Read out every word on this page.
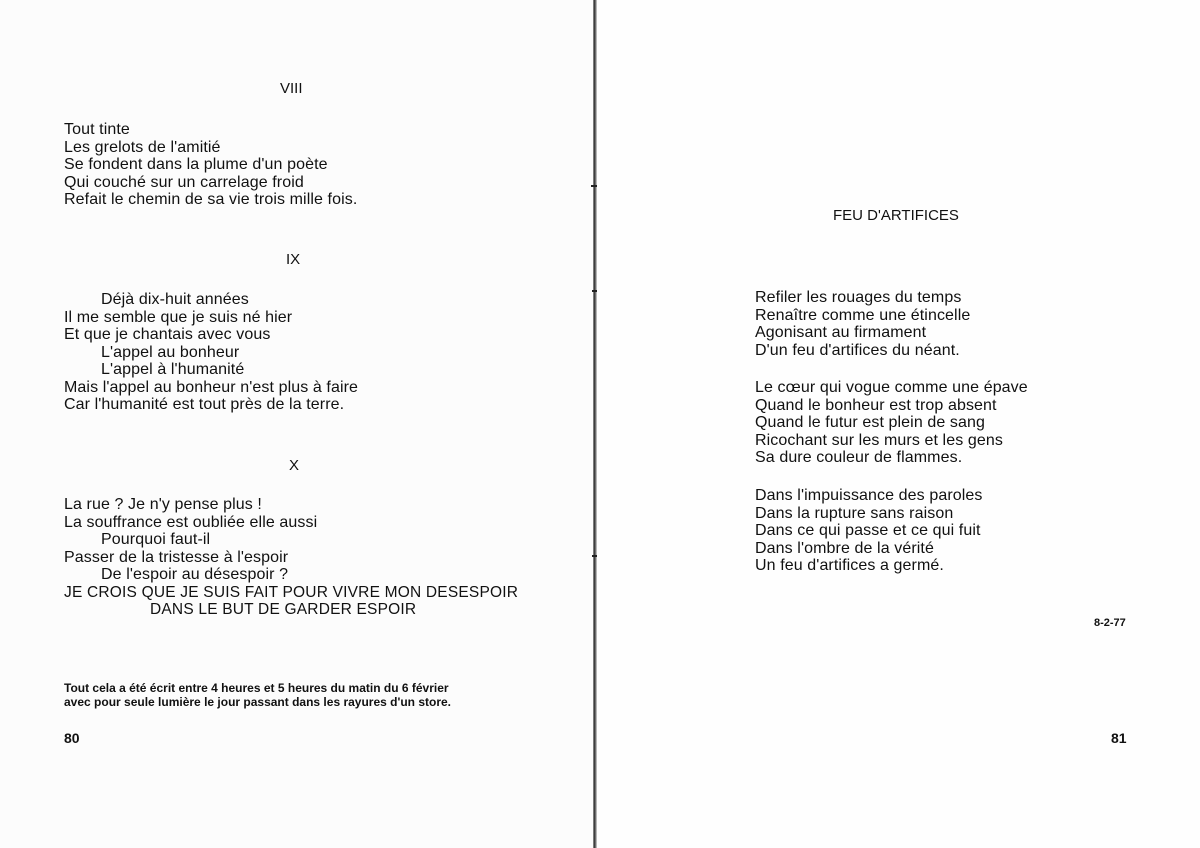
VIII
Tout tinte
Les grelots de l'amitié
Se fondent dans la plume d'un poète
Qui couché sur un carrelage froid
Refait le chemin de sa vie trois mille fois.
IX
Déjà dix-huit années
Il me semble que je suis né hier
Et que je chantais avec vous
L'appel au bonheur
L'appel à l'humanité
Mais l'appel au bonheur n'est plus à faire
Car l'humanité est tout près de la terre.
X
La rue ? Je n'y pense plus !
La souffrance est oubliée elle aussi
Pourquoi faut-il
Passer de la tristesse à l'espoir
De l'espoir au désespoir ?
JE CROIS QUE JE SUIS FAIT POUR VIVRE MON DESESPOIR
DANS LE BUT DE GARDER ESPOIR
Tout cela a été écrit entre 4 heures et 5 heures du matin du 6 février
avec pour seule lumière le jour passant dans les rayures d'un store.
80
FEU D'ARTIFICES
Refiler les rouages du temps
Renaître comme une étincelle
Agonisant au firmament
D'un feu d'artifices du néant.
Le cœur qui vogue comme une épave
Quand le bonheur est trop absent
Quand le futur est plein de sang
Ricochant sur les murs et les gens
Sa dure couleur de flammes.
Dans l'impuissance des paroles
Dans la rupture sans raison
Dans ce qui passe et ce qui fuit
Dans l'ombre de la vérité
Un feu d'artifices a germé.
8-2-77
81
